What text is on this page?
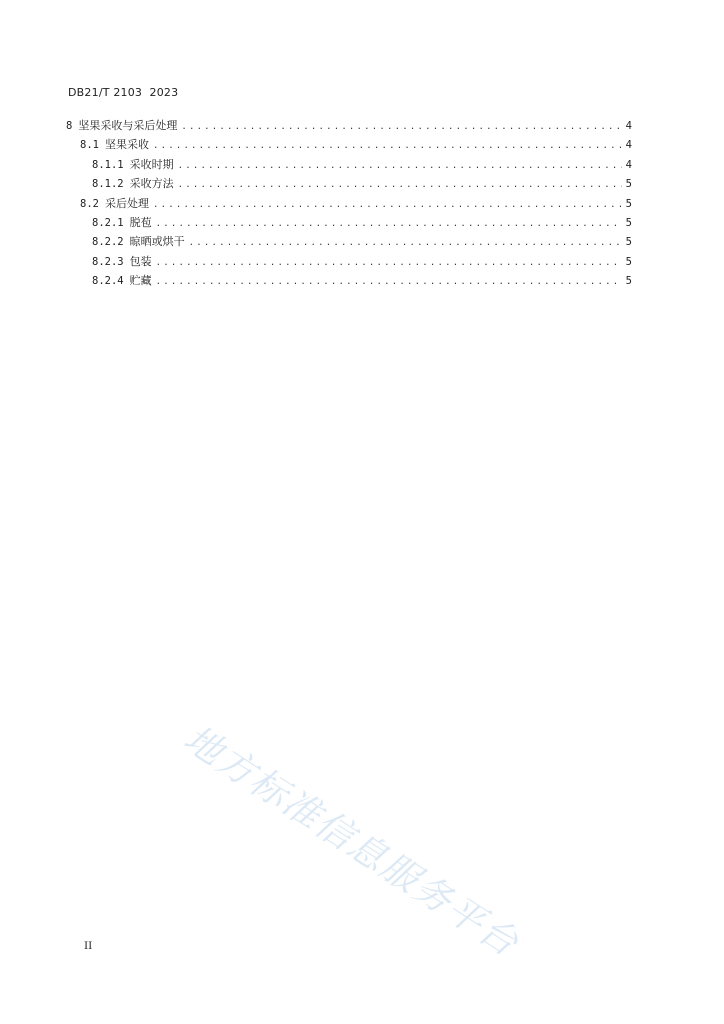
DB21/T 2103  2023
8 坚果采收与采后处理 .....	4
8.1 坚果采收 .....	4
8.1.1 采收时期 .....	4
8.1.2 采收方法 .....	5
8.2 采后处理 .....	5
8.2.1 脱苞 .....	5
8.2.2 晾晒或烘干 .....	5
8.2.3 包装 .....	5
8.2.4 贮藏 .....	5
地方标准信息服务平台
II
